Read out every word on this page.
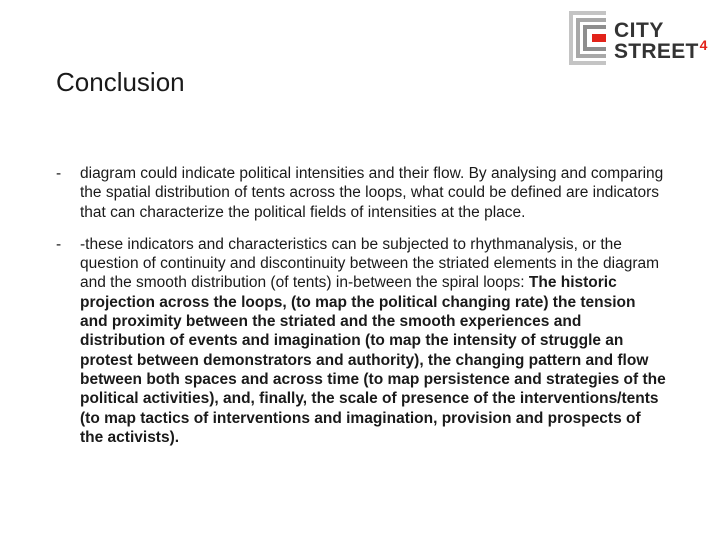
CITY
STREET$^4$
Conclusion
- diagram could indicate political intensities and their flow. By analysing and comparing the spatial distribution of tents across the loops, what could be defined are indicators that can characterize the political fields of intensities at the place.
- -these indicators and characteristics can be subjected to rhythmanalysis, or the question of continuity and discontinuity between the striated elements in the diagram and the smooth distribution (of tents) in-between the spiral loops: The historic projection across the loops, (to map the political changing rate) the tension and proximity between the striated and the smooth experiences and distribution of events and imagination (to map the intensity of struggle an protest between demonstrators and authority), the changing pattern and flow between both spaces and across time (to map persistence and strategies of the political activities), and, finally, the scale of presence of the interventions/tents (to map tactics of interventions and imagination, provision and prospects of the activists).
